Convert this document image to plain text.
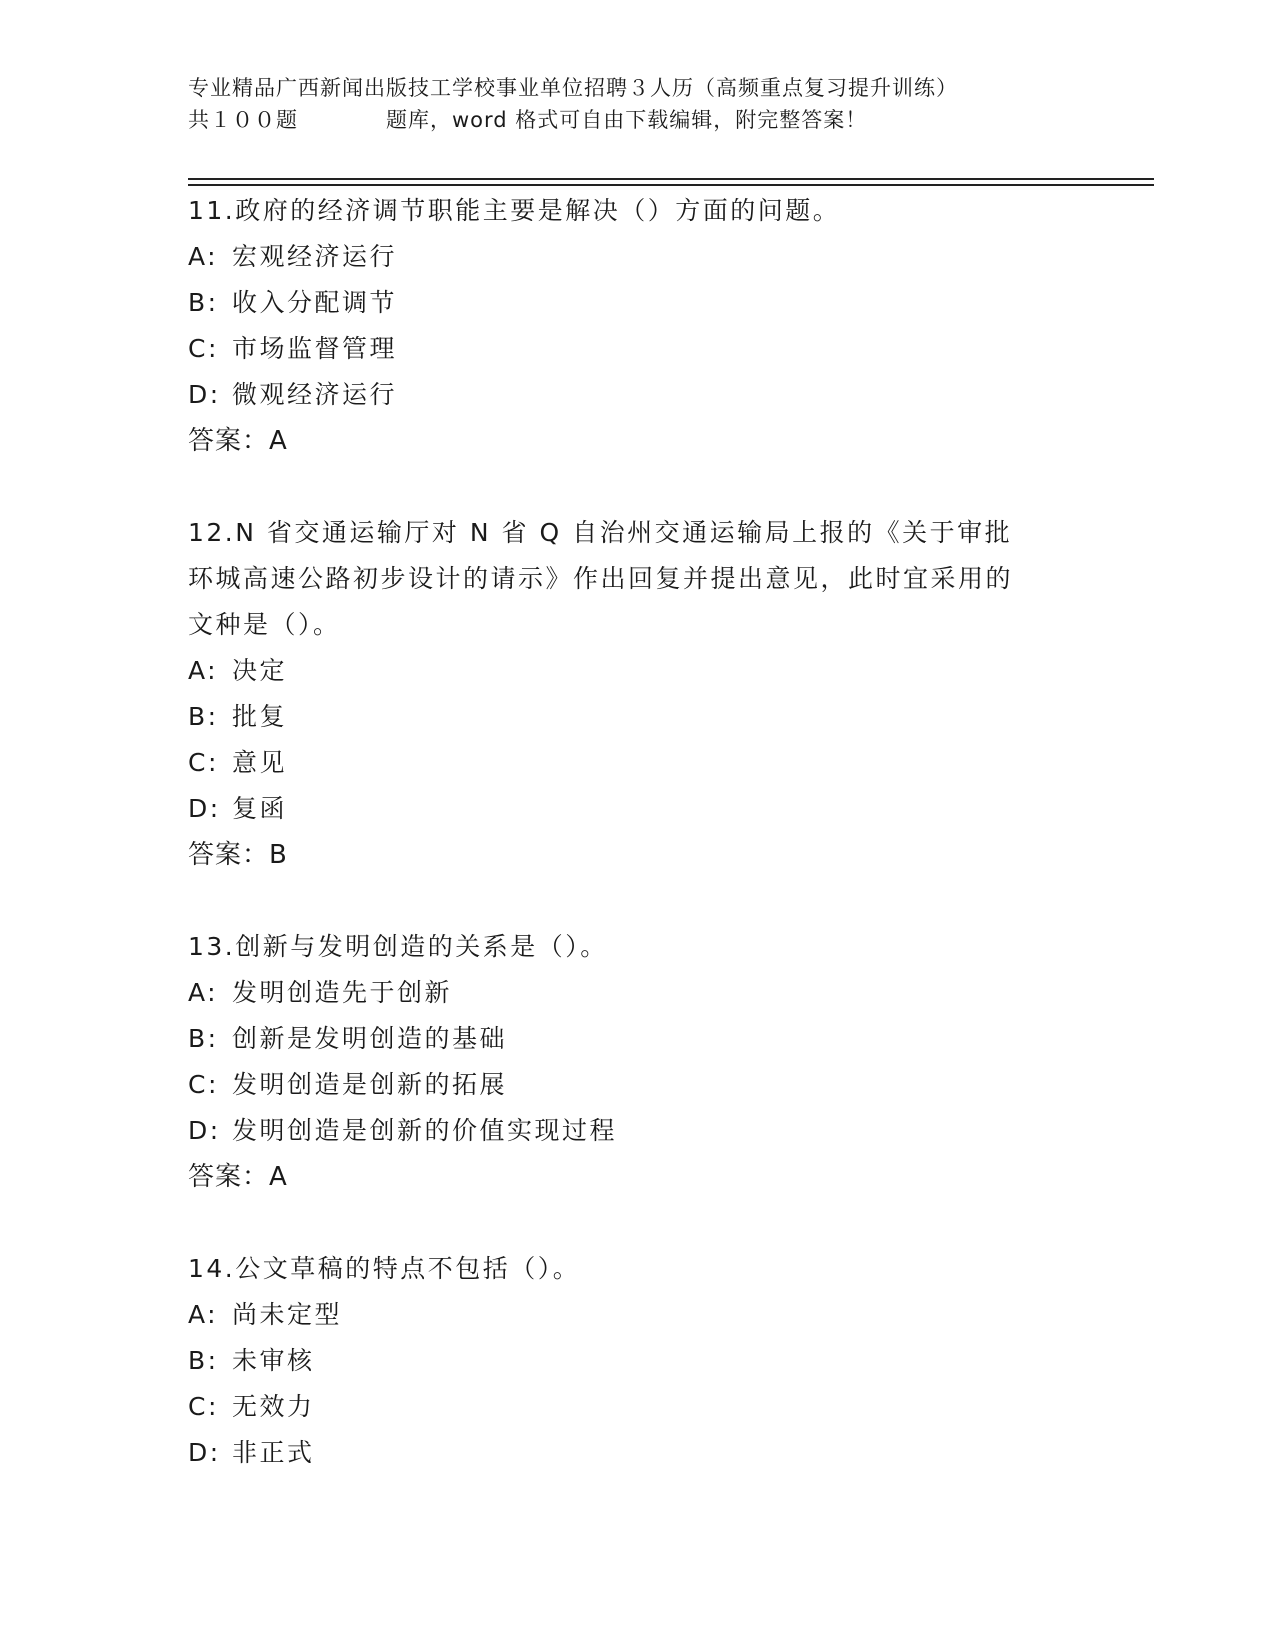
专业精品广西新闻出版技工学校事业单位招聘３人历（高频重点复习提升训练）
共１００题　　　　题库，word 格式可自由下载编辑，附完整答案！
11.政府的经济调节职能主要是解决（）方面的问题。
A: 宏观经济运行
B: 收入分配调节
C: 市场监督管理
D: 微观经济运行
答案：A
12.N 省交通运输厅对 N 省 Q 自治州交通运输局上报的《关于审批环城高速公路初步设计的请示》作出回复并提出意见，此时宜采用的文种是（）。
A: 决定
B: 批复
C: 意见
D: 复函
答案：B
13.创新与发明创造的关系是（）。
A: 发明创造先于创新
B: 创新是发明创造的基础
C: 发明创造是创新的拓展
D: 发明创造是创新的价值实现过程
答案：A
14.公文草稿的特点不包括（）。
A: 尚未定型
B: 未审核
C: 无效力
D: 非正式
